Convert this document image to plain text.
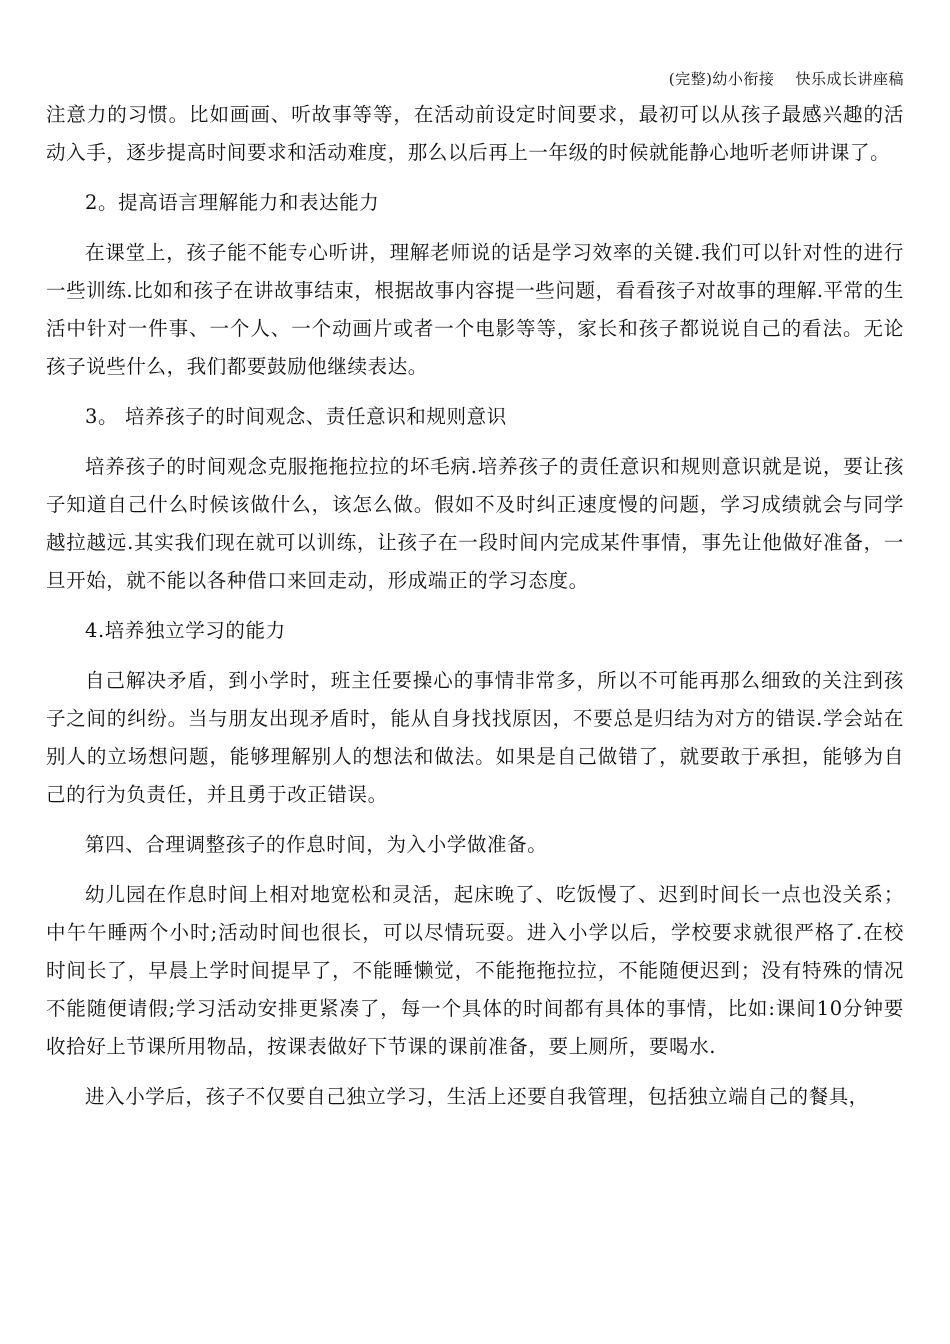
(完整)幼小衔接    快乐成长讲座稿

注意力的习惯。比如画画、听故事等等，在活动前设定时间要求，最初可以从孩子最感兴趣的活动入手，逐步提高时间要求和活动难度，那么以后再上一年级的时候就能静心地听老师讲课了。

2。提高语言理解能力和表达能力

在课堂上，孩子能不能专心听讲，理解老师说的话是学习效率的关键.我们可以针对性的进行一些训练.比如和孩子在讲故事结束，根据故事内容提一些问题，看看孩子对故事的理解.平常的生活中针对一件事、一个人、一个动画片或者一个电影等等，家长和孩子都说说自己的看法。无论孩子说些什么，我们都要鼓励他继续表达。

3。 培养孩子的时间观念、责任意识和规则意识

培养孩子的时间观念克服拖拖拉拉的坏毛病.培养孩子的责任意识和规则意识就是说，要让孩子知道自己什么时候该做什么，该怎么做。假如不及时纠正速度慢的问题，学习成绩就会与同学越拉越远.其实我们现在就可以训练，让孩子在一段时间内完成某件事情，事先让他做好准备，一旦开始，就不能以各种借口来回走动，形成端正的学习态度。

4.培养独立学习的能力

自己解决矛盾，到小学时，班主任要操心的事情非常多，所以不可能再那么细致的关注到孩子之间的纠纷。当与朋友出现矛盾时，能从自身找找原因，不要总是归结为对方的错误.学会站在别人的立场想问题，能够理解别人的想法和做法。如果是自己做错了，就要敢于承担，能够为自己的行为负责任，并且勇于改正错误。

第四、合理调整孩子的作息时间，为入小学做准备。

幼儿园在作息时间上相对地宽松和灵活，起床晚了、吃饭慢了、迟到时间长一点也没关系；中午午睡两个小时;活动时间也很长，可以尽情玩耍。进入小学以后，学校要求就很严格了.在校时间长了，早晨上学时间提早了，不能睡懒觉，不能拖拖拉拉，不能随便迟到；没有特殊的情况不能随便请假;学习活动安排更紧凑了，每一个具体的时间都有具体的事情，比如:课间10分钟要收拾好上节课所用物品，按课表做好下节课的课前准备，要上厕所，要喝水.

进入小学后，孩子不仅要自己独立学习，生活上还要自我管理，包括独立端自己的餐具，
